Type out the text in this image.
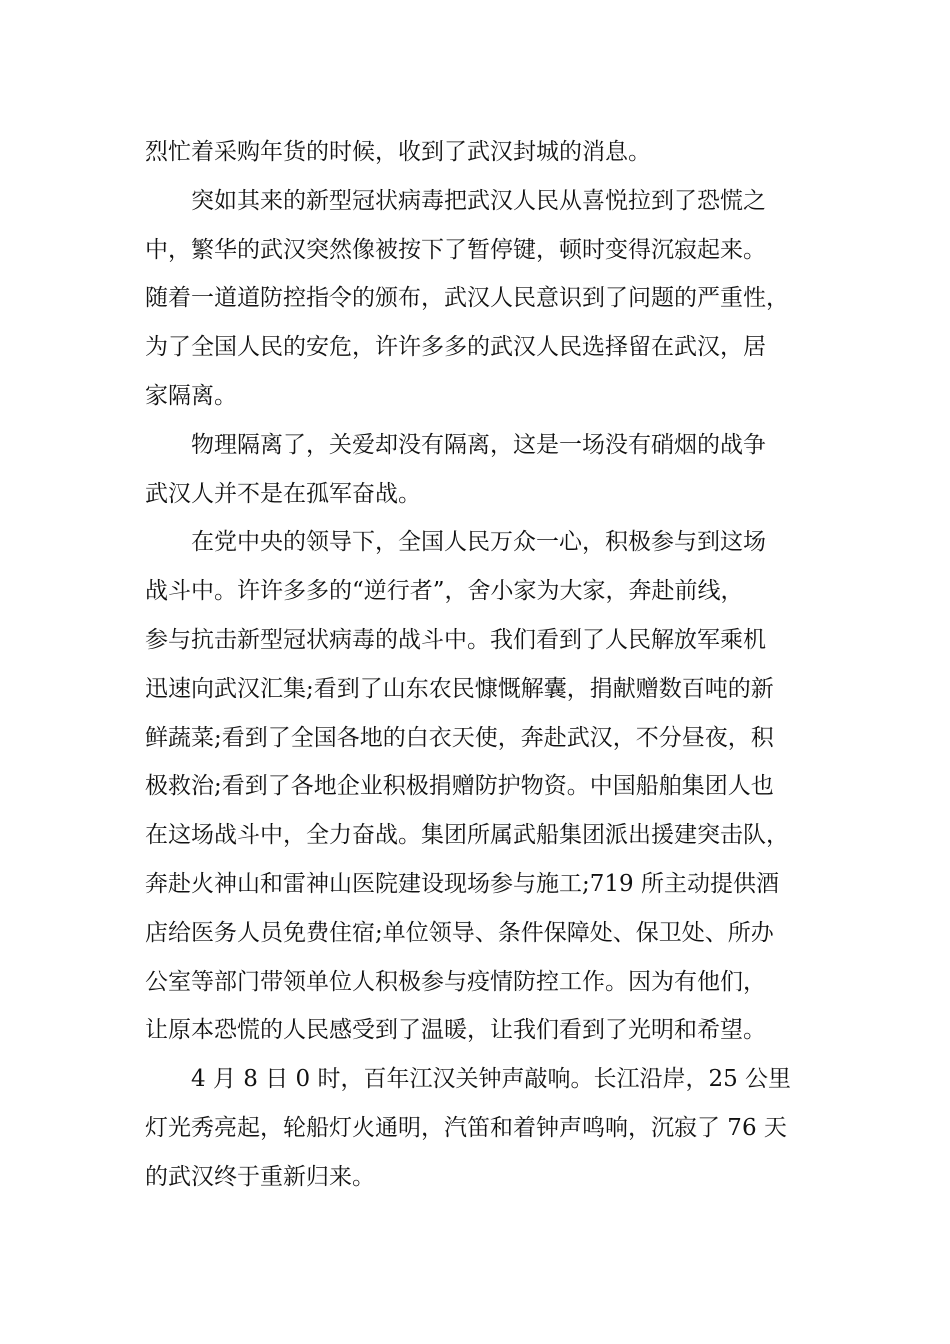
烈忙着采购年货的时候，收到了武汉封城的消息。
突如其来的新型冠状病毒把武汉人民从喜悦拉到了恐慌之
中，繁华的武汉突然像被按下了暂停键，顿时变得沉寂起来。
随着一道道防控指令的颁布，武汉人民意识到了问题的严重性，
为了全国人民的安危，许许多多的武汉人民选择留在武汉，居
家隔离。
物理隔离了，关爱却没有隔离，这是一场没有硝烟的战争
武汉人并不是在孤军奋战。
在党中央的领导下，全国人民万众一心，积极参与到这场
战斗中。许许多多的“逆行者”，舍小家为大家，奔赴前线，
参与抗击新型冠状病毒的战斗中。我们看到了人民解放军乘机
迅速向武汉汇集;看到了山东农民慷慨解囊，捐献赠数百吨的新
鲜蔬菜;看到了全国各地的白衣天使，奔赴武汉，不分昼夜，积
极救治;看到了各地企业积极捐赠防护物资。中国船舶集团人也
在这场战斗中，全力奋战。集团所属武船集团派出援建突击队，
奔赴火神山和雷神山医院建设现场参与施工;719 所主动提供酒
店给医务人员免费住宿;单位领导、条件保障处、保卫处、所办
公室等部门带领单位人积极参与疫情防控工作。因为有他们，
让原本恐慌的人民感受到了温暖，让我们看到了光明和希望。
4 月 8 日 0 时，百年江汉关钟声敲响。长江沿岸，25 公里
灯光秀亮起，轮船灯火通明，汽笛和着钟声鸣响，沉寂了 76 天
的武汉终于重新归来。
